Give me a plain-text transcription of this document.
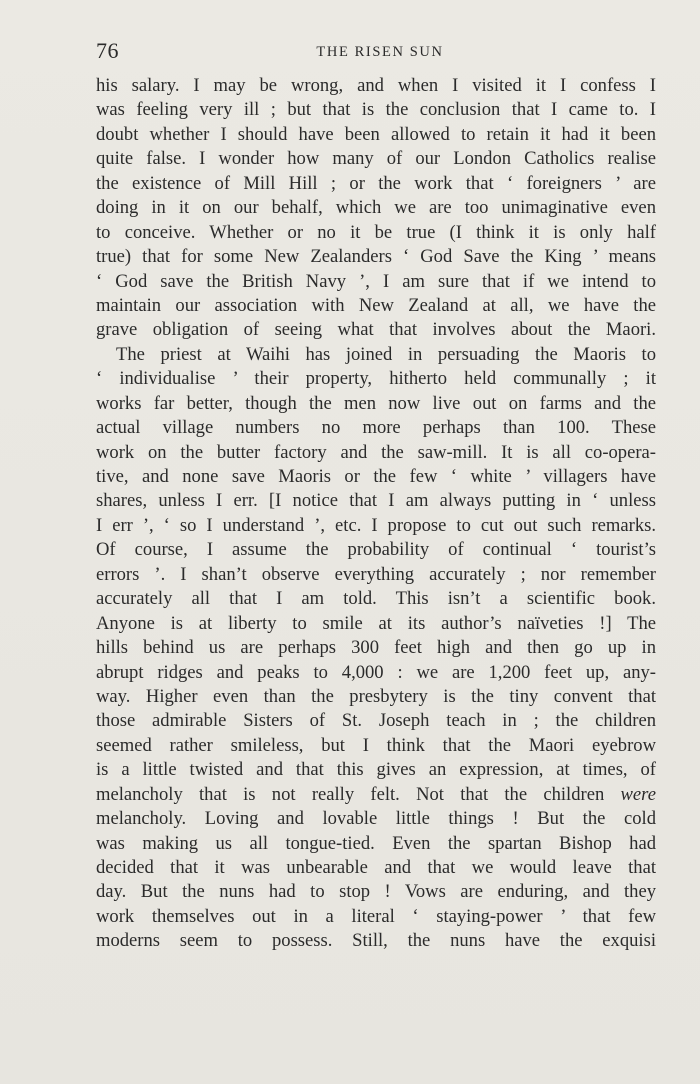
76	THE RISEN SUN
his salary. I may be wrong, and when I visited it I confess I
was feeling very ill ; but that is the conclusion that I came to. I
doubt whether I should have been allowed to retain it had it been
quite false. I wonder how many of our London Catholics realise
the existence of Mill Hill ; or the work that ‘ foreigners ’ are
doing in it on our behalf, which we are too unimaginative even
to conceive. Whether or no it be true (I think it is only half
true) that for some New Zealanders ‘ God Save the King ’ means
‘ God save the British Navy ’, I am sure that if we intend to
maintain our association with New Zealand at all, we have the
grave obligation of seeing what that involves about the Maori.
The priest at Waihi has joined in persuading the Maoris to
‘ individualise ’ their property, hitherto held communally ; it
works far better, though the men now live out on farms and the
actual village numbers no more perhaps than 100. These
work on the butter factory and the saw-mill. It is all co-opera-
tive, and none save Maoris or the few ‘ white ’ villagers have
shares, unless I err. [I notice that I am always putting in ‘ unless
I err ’, ‘ so I understand ’, etc. I propose to cut out such remarks.
Of course, I assume the probability of continual ‘ tourist’s
errors ’. I shan’t observe everything accurately ; nor remember
accurately all that I am told. This isn’t a scientific book.
Anyone is at liberty to smile at its author’s naïveties !] The
hills behind us are perhaps 300 feet high and then go up in
abrupt ridges and peaks to 4,000 : we are 1,200 feet up, any-
way. Higher even than the presbytery is the tiny convent that
those admirable Sisters of St. Joseph teach in ; the children
seemed rather smileless, but I think that the Maori eyebrow
is a little twisted and that this gives an expression, at times, of
melancholy that is not really felt. Not that the children were
melancholy. Loving and lovable little things ! But the cold
was making us all tongue-tied. Even the spartan Bishop had
decided that it was unbearable and that we would leave that
day. But the nuns had to stop ! Vows are enduring, and they
work themselves out in a literal ‘ staying-power ’ that few
moderns seem to possess. Still, the nuns have the exquisi
